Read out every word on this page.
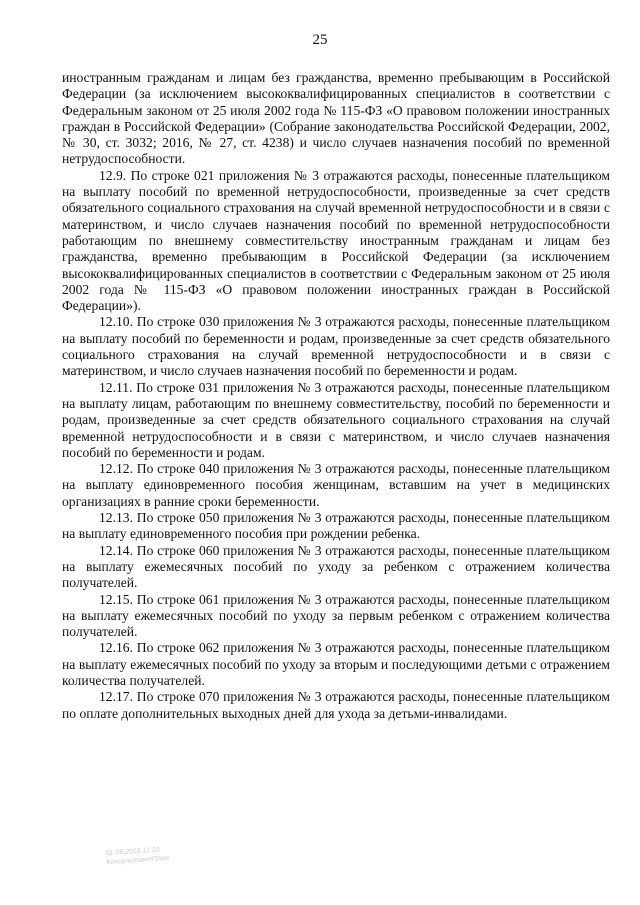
25

иностранным гражданам и лицам без гражданства, временно пребывающим в Российской Федерации (за исключением высококвалифицированных специалистов в соответствии с Федеральным законом от 25 июля 2002 года № 115-ФЗ «О правовом положении иностранных граждан в Российской Федерации» (Собрание законодательства Российской Федерации, 2002, № 30, ст. 3032; 2016, № 27, ст. 4238) и число случаев назначения пособий по временной нетрудоспособности.

12.9. По строке 021 приложения № 3 отражаются расходы, понесенные плательщиком на выплату пособий по временной нетрудоспособности, произведенные за счет средств обязательного социального страхования на случай временной нетрудоспособности и в связи с материнством, и число случаев назначения пособий по временной нетрудоспособности работающим по внешнему совместительству иностранным гражданам и лицам без гражданства, временно пребывающим в Российской Федерации (за исключением высококвалифицированных специалистов в соответствии с Федеральным законом от 25 июля 2002 года № 115-ФЗ «О правовом положении иностранных граждан в Российской Федерации»).

12.10. По строке 030 приложения № 3 отражаются расходы, понесенные плательщиком на выплату пособий по беременности и родам, произведенные за счет средств обязательного социального страхования на случай временной нетрудоспособности и в связи с материнством, и число случаев назначения пособий по беременности и родам.

12.11. По строке 031 приложения № 3 отражаются расходы, понесенные плательщиком на выплату лицам, работающим по внешнему совместительству, пособий по беременности и родам, произведенные за счет средств обязательного социального страхования на случай временной нетрудоспособности и в связи с материнством, и число случаев назначения пособий по беременности и родам.

12.12. По строке 040 приложения № 3 отражаются расходы, понесенные плательщиком на выплату единовременного пособия женщинам, вставшим на учет в медицинских организациях в ранние сроки беременности.

12.13. По строке 050 приложения № 3 отражаются расходы, понесенные плательщиком на выплату единовременного пособия при рождении ребенка.

12.14. По строке 060 приложения № 3 отражаются расходы, понесенные плательщиком на выплату ежемесячных пособий по уходу за ребенком с отражением количества получателей.

12.15. По строке 061 приложения № 3 отражаются расходы, понесенные плательщиком на выплату ежемесячных пособий по уходу за первым ребенком с отражением количества получателей.

12.16. По строке 062 приложения № 3 отражаются расходы, понесенные плательщиком на выплату ежемесячных пособий по уходу за вторым и последующими детьми с отражением количества получателей.

12.17. По строке 070 приложения № 3 отражаются расходы, понесенные плательщиком по оплате дополнительных выходных дней для ухода за детьми-инвалидами.

01.06.2016 11:10
КонсультантПлюс
